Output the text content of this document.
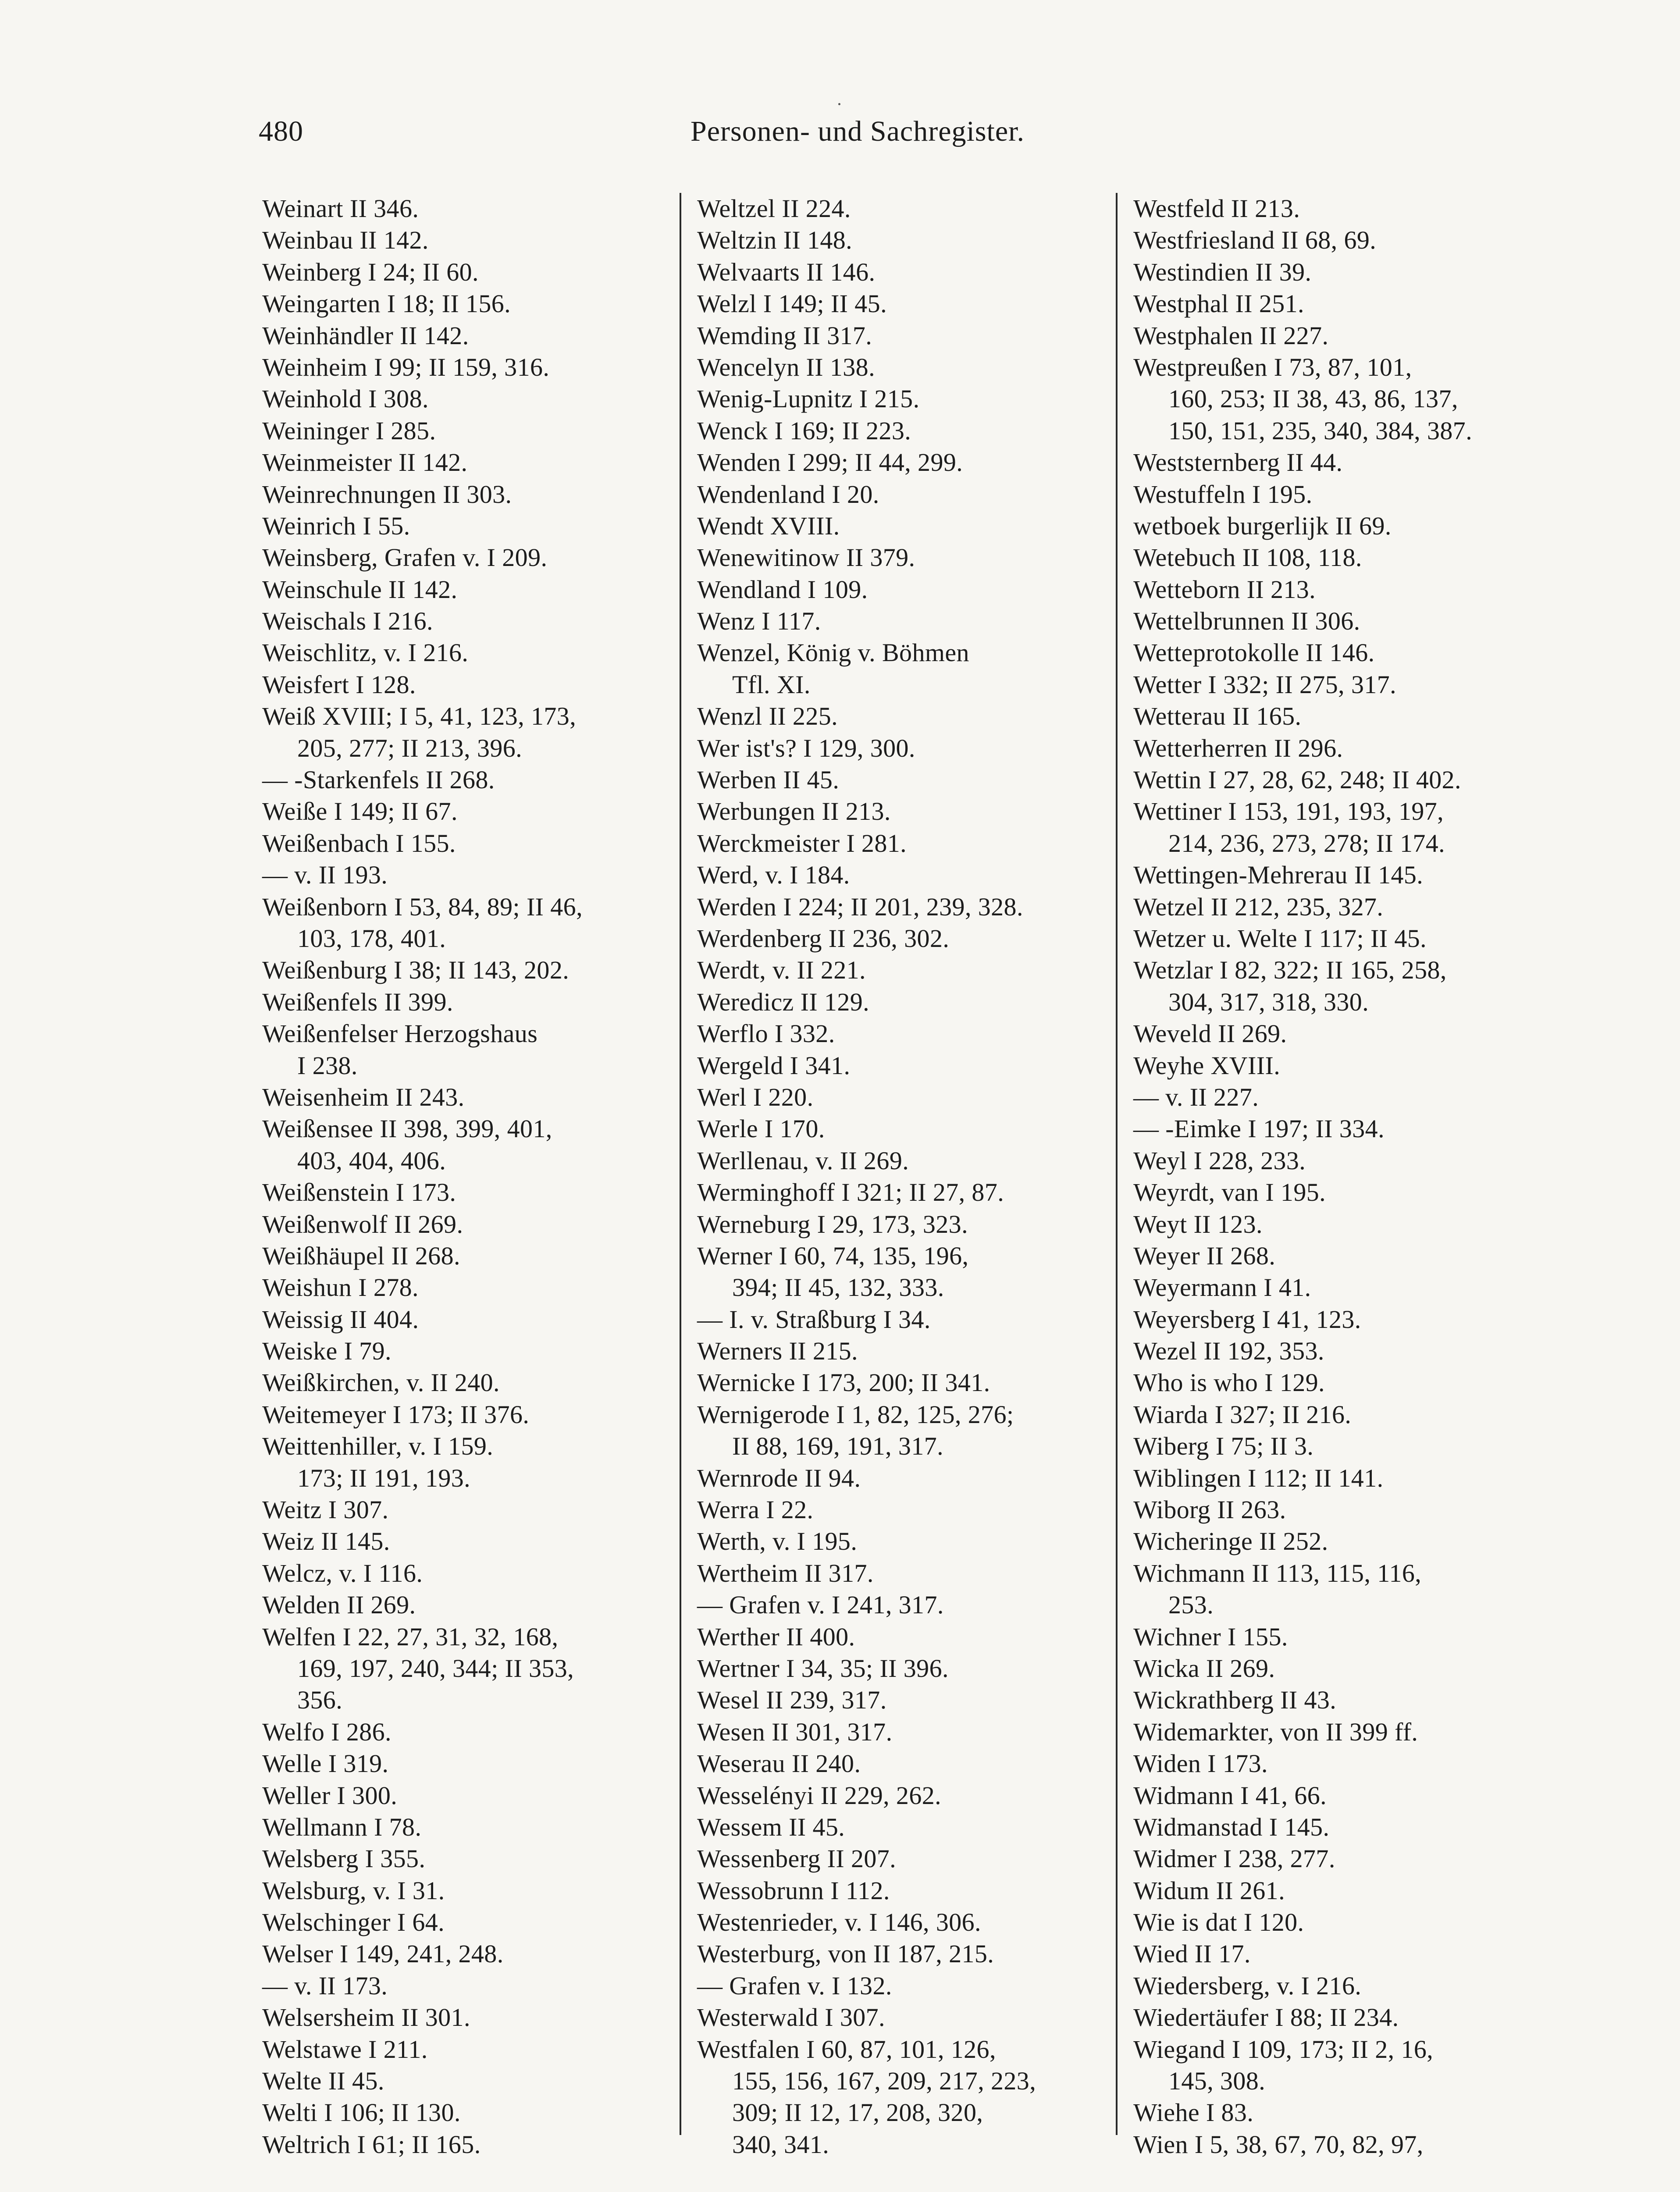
480	Personen- und Sachregister.
Weinart II 346.
Weinbau II 142.
Weinberg I 24; II 60.
Weingarten I 18; II 156.
Weinhändler II 142.
Weinheim I 99; II 159, 316.
Weinhold I 308.
Weininger I 285.
Weinmeister II 142.
Weinrechnungen II 303.
Weinrich I 55.
Weinsberg, Grafen v. I 209.
Weinschule II 142.
Weischals I 216.
Weischlitz, v. I 216.
Weisfert I 128.
Weiß XVIII; I 5, 41, 123, 173,
205, 277; II 213, 396.
— -Starkenfels II 268.
Weiße I 149; II 67.
Weißenbach I 155.
— v. II 193.
Weißenborn I 53, 84, 89; II 46,
103, 178, 401.
Weißenburg I 38; II 143, 202.
Weißenfels II 399.
Weißenfelser Herzogshaus
I 238.
Weisenheim II 243.
Weißensee II 398, 399, 401,
403, 404, 406.
Weißenstein I 173.
Weißenwolf II 269.
Weißhäupel II 268.
Weishun I 278.
Weissig II 404.
Weiske I 79.
Weißkirchen, v. II 240.
Weitemeyer I 173; II 376.
Weittenhiller, v. I 159.
173; II 191, 193.
Weitz I 307.
Weiz II 145.
Welcz, v. I 116.
Welden II 269.
Welfen I 22, 27, 31, 32, 168,
169, 197, 240, 344; II 353,
356.
Welfo I 286.
Welle I 319.
Weller I 300.
Wellmann I 78.
Welsberg I 355.
Welsburg, v. I 31.
Welschinger I 64.
Welser I 149, 241, 248.
— v. II 173.
Welsersheim II 301.
Welstawe I 211.
Welte II 45.
Welti I 106; II 130.
Weltrich I 61; II 165.
Weltzel II 224.
Weltzin II 148.
Welvaarts II 146.
Welzl I 149; II 45.
Wemding II 317.
Wencelyn II 138.
Wenig-Lupnitz I 215.
Wenck I 169; II 223.
Wenden I 299; II 44, 299.
Wendenland I 20.
Wendt XVIII.
Wenewitinow II 379.
Wendland I 109.
Wenz I 117.
Wenzel, König v. Böhmen
Tfl. XI.
Wenzl II 225.
Wer ist's? I 129, 300.
Werben II 45.
Werbungen II 213.
Werckmeister I 281.
Werd, v. I 184.
Werden I 224; II 201, 239, 328.
Werdenberg II 236, 302.
Werdt, v. II 221.
Weredicz II 129.
Werflo I 332.
Wergeld I 341.
Werl I 220.
Werle I 170.
Werllenau, v. II 269.
Werminghoff I 321; II 27, 87.
Werneburg I 29, 173, 323.
Werner I 60, 74, 135, 196,
394; II 45, 132, 333.
— I. v. Straßburg I 34.
Werners II 215.
Wernicke I 173, 200; II 341.
Wernigerode I 1, 82, 125, 276;
II 88, 169, 191, 317.
Wernrode II 94.
Werra I 22.
Werth, v. I 195.
Wertheim II 317.
— Grafen v. I 241, 317.
Werther II 400.
Wertner I 34, 35; II 396.
Wesel II 239, 317.
Wesen II 301, 317.
Weserau II 240.
Wesselényi II 229, 262.
Wessem II 45.
Wessenberg II 207.
Wessobrunn I 112.
Westenrieder, v. I 146, 306.
Westerburg, von II 187, 215.
— Grafen v. I 132.
Westerwald I 307.
Westfalen I 60, 87, 101, 126,
155, 156, 167, 209, 217, 223,
309; II 12, 17, 208, 320,
340, 341.
Westfeld II 213.
Westfriesland II 68, 69.
Westindien II 39.
Westphal II 251.
Westphalen II 227.
Westpreußen I 73, 87, 101,
160, 253; II 38, 43, 86, 137,
150, 151, 235, 340, 384, 387.
Weststernberg II 44.
Westuffeln I 195.
wetboek burgerlijk II 69.
Wetebuch II 108, 118.
Wetteborn II 213.
Wettelbrunnen II 306.
Wetteprotokolle II 146.
Wetter I 332; II 275, 317.
Wetterau II 165.
Wetterherren II 296.
Wettin I 27, 28, 62, 248; II 402.
Wettiner I 153, 191, 193, 197,
214, 236, 273, 278; II 174.
Wettingen-Mehrerau II 145.
Wetzel II 212, 235, 327.
Wetzer u. Welte I 117; II 45.
Wetzlar I 82, 322; II 165, 258,
304, 317, 318, 330.
Weveld II 269.
Weyhe XVIII.
— v. II 227.
— -Eimke I 197; II 334.
Weyl I 228, 233.
Weyrdt, van I 195.
Weyt II 123.
Weyer II 268.
Weyermann I 41.
Weyersberg I 41, 123.
Wezel II 192, 353.
Who is who I 129.
Wiarda I 327; II 216.
Wiberg I 75; II 3.
Wiblingen I 112; II 141.
Wiborg II 263.
Wicheringe II 252.
Wichmann II 113, 115, 116,
253.
Wichner I 155.
Wicka II 269.
Wickrathberg II 43.
Widemarkter, von II 399 ff.
Widen I 173.
Widmann I 41, 66.
Widmanstad I 145.
Widmer I 238, 277.
Widum II 261.
Wie is dat I 120.
Wied II 17.
Wiedersberg, v. I 216.
Wiedertäufer I 88; II 234.
Wiegand I 109, 173; II 2, 16,
145, 308.
Wiehe I 83.
Wien I 5, 38, 67, 70, 82, 97,
